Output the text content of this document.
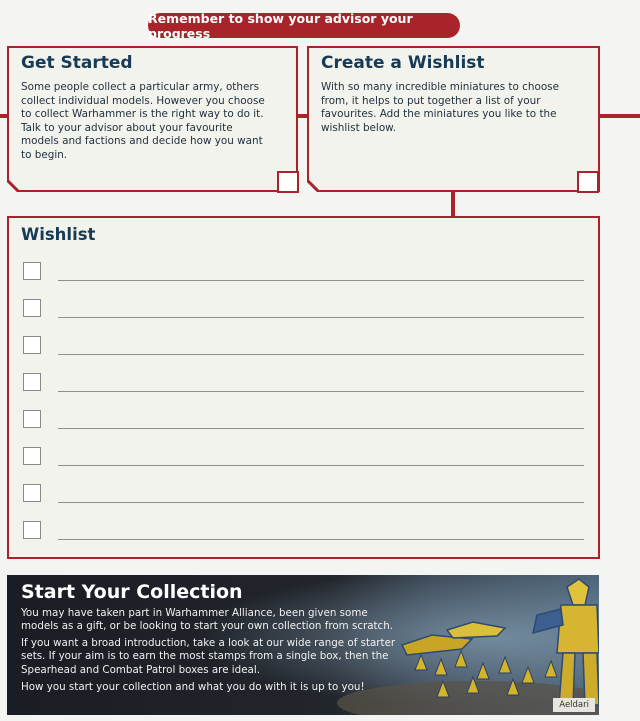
Remember to show your advisor your progress
Get Started
Some people collect a particular army, others collect individual models. However you choose to collect Warhammer is the right way to do it. Talk to your advisor about your favourite models and factions and decide how you want to begin.
Create a Wishlist
With so many incredible miniatures to choose from, it helps to put together a list of your favourites. Add the miniatures you like to the wishlist below.
Wishlist
Start Your Collection
You may have taken part in Warhammer Alliance, been given some models as a gift, or be looking to start your own collection from scratch.
If you want a broad introduction, take a look at our wide range of starter sets. If your aim is to earn the most stamps from a single box, then the Spearhead and Combat Patrol boxes are ideal.
How you start your collection and what you do with it is up to you!
Aeldari
